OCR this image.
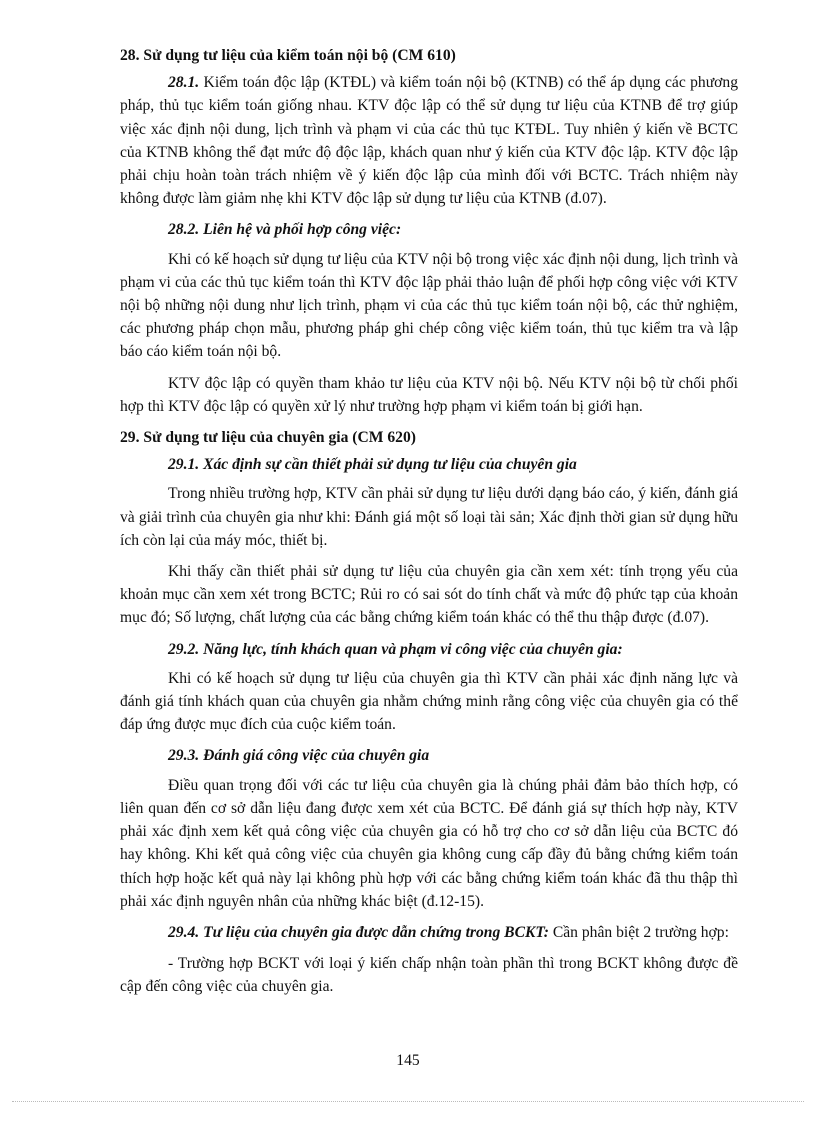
28. Sử dụng tư liệu của kiểm toán nội bộ (CM 610)

28.1. Kiểm toán độc lập (KTĐL) và kiểm toán nội bộ (KTNB) có thể áp dụng các phương pháp, thủ tục kiểm toán giống nhau. KTV độc lập có thể sử dụng tư liệu của KTNB để trợ giúp việc xác định nội dung, lịch trình và phạm vi của các thủ tục KTĐL. Tuy nhiên ý kiến về BCTC của KTNB không thể đạt mức độ độc lập, khách quan như ý kiến của KTV độc lập. KTV độc lập phải chịu hoàn toàn trách nhiệm về ý kiến độc lập của mình đối với BCTC. Trách nhiệm này không được làm giảm nhẹ khi KTV độc lập sử dụng tư liệu của KTNB (đ.07).

28.2. Liên hệ và phối hợp công việc:

Khi có kế hoạch sử dụng tư liệu của KTV nội bộ trong việc xác định nội dung, lịch trình và phạm vi của các thủ tục kiểm toán thì KTV độc lập phải thảo luận để phối hợp công việc với KTV nội bộ những nội dung như lịch trình, phạm vi của các thủ tục kiểm toán nội bộ, các thử nghiệm, các phương pháp chọn mẫu, phương pháp ghi chép công việc kiểm toán, thủ tục kiểm tra và lập báo cáo kiểm toán nội bộ.

KTV độc lập có quyền tham khảo tư liệu của KTV nội bộ. Nếu KTV nội bộ từ chối phối hợp thì KTV độc lập có quyền xử lý như trường hợp phạm vi kiểm toán bị giới hạn.

29. Sử dụng tư liệu của chuyên gia (CM 620)

29.1. Xác định sự cần thiết phải sử dụng tư liệu của chuyên gia

Trong nhiều trường hợp, KTV cần phải sử dụng tư liệu dưới dạng báo cáo, ý kiến, đánh giá và giải trình của chuyên gia như khi: Đánh giá một số loại tài sản; Xác định thời gian sử dụng hữu ích còn lại của máy móc, thiết bị.

Khi thấy cần thiết phải sử dụng tư liệu của chuyên gia cần xem xét: tính trọng yếu của khoản mục cần xem xét trong BCTC; Rủi ro có sai sót do tính chất và mức độ phức tạp của khoản mục đó; Số lượng, chất lượng của các bằng chứng kiểm toán khác có thể thu thập được (đ.07).

29.2. Năng lực, tính khách quan và phạm vi công việc của chuyên gia:

Khi có kế hoạch sử dụng tư liệu của chuyên gia thì KTV cần phải xác định năng lực và đánh giá tính khách quan của chuyên gia nhằm chứng minh rằng công việc của chuyên gia có thể đáp ứng được mục đích của cuộc kiểm toán.

29.3. Đánh giá công việc của chuyên gia

Điều quan trọng đối với các tư liệu của chuyên gia là chúng phải đảm bảo thích hợp, có liên quan đến cơ sở dẫn liệu đang được xem xét của BCTC. Để đánh giá sự thích hợp này, KTV phải xác định xem kết quả công việc của chuyên gia có hỗ trợ cho cơ sở dẫn liệu của BCTC đó hay không. Khi kết quả công việc của chuyên gia không cung cấp đầy đủ bằng chứng kiểm toán thích hợp hoặc kết quả này lại không phù hợp với các bằng chứng kiểm toán khác đã thu thập thì phải xác định nguyên nhân của những khác biệt (đ.12-15).

29.4. Tư liệu của chuyên gia được dẫn chứng trong BCKT: Cần phân biệt 2 trường hợp:

- Trường hợp BCKT với loại ý kiến chấp nhận toàn phần thì trong BCKT không được đề cập đến công việc của chuyên gia.

145
